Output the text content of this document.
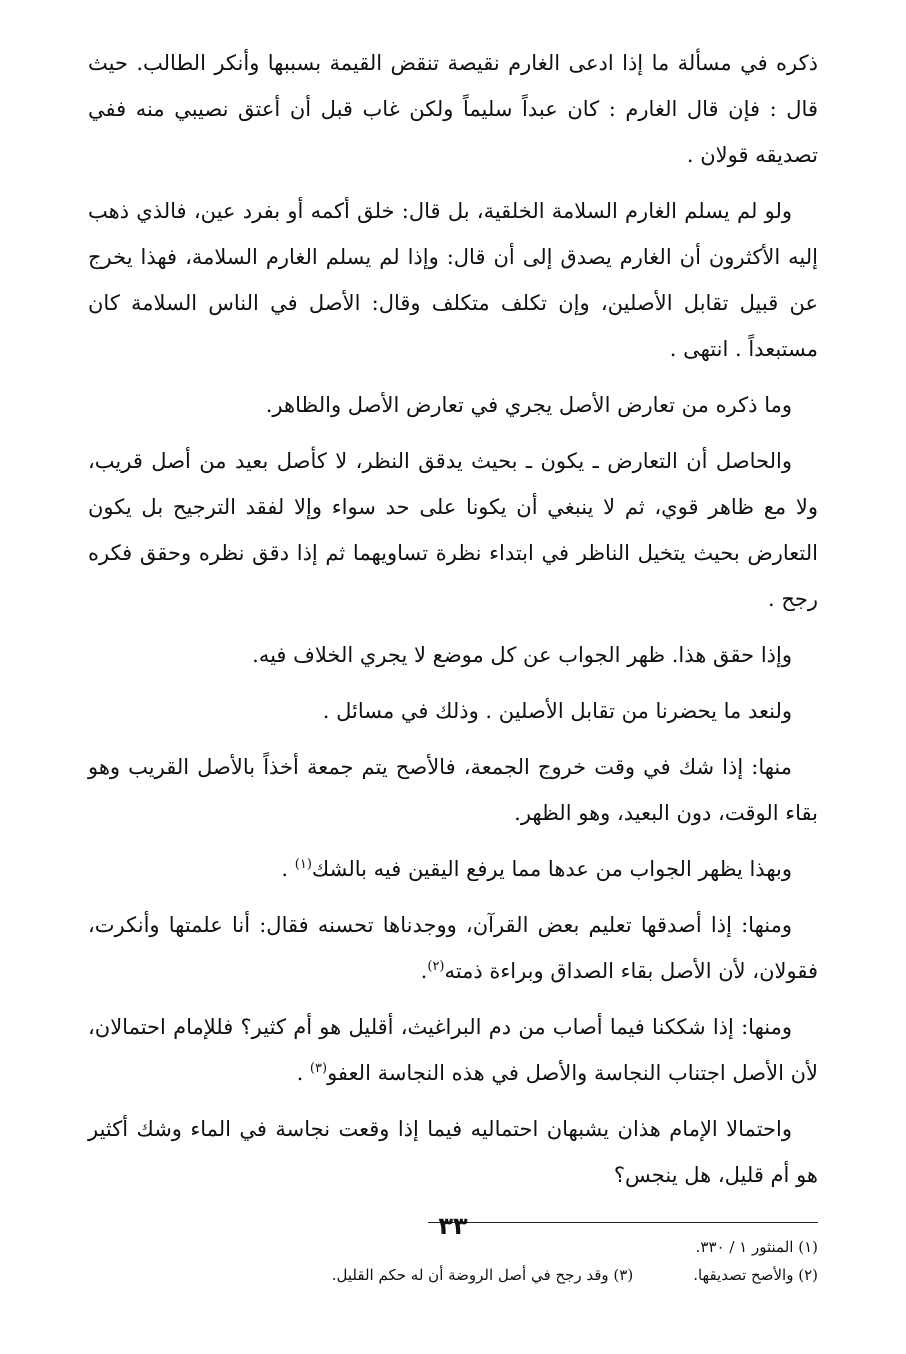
ذكره في مسألة ما إذا ادعى الغارم نقيصة تنقض القيمة بسببها وأنكر الطالب. حيث قال : فإن قال الغارم : كان عبداً سليماً ولكن غاب قبل أن أعتق نصيبي منه ففي تصديقه قولان .

ولو لم يسلم الغارم السلامة الخلقية، بل قال: خلق أكمه أو بفرد عين، فالذي ذهب إليه الأكثرون أن الغارم يصدق إلى أن قال: وإذا لم يسلم الغارم السلامة، فهذا يخرج عن قبيل تقابل الأصلين، وإن تكلف متكلف وقال: الأصل في الناس السلامة كان مستبعداً . انتهى .

وما ذكره من تعارض الأصل يجري في تعارض الأصل والظاهر.

والحاصل أن التعارض ـ يكون ـ بحيث يدقق النظر، لا كأصل بعيد من أصل قريب، ولا مع ظاهر قوي، ثم لا ينبغي أن يكونا على حد سواء وإلا لفقد الترجيح بل يكون التعارض بحيث يتخيل الناظر في ابتداء نظرة تساويهما ثم إذا دقق نظره وحقق فكره رجح .

وإذا حقق هذا. ظهر الجواب عن كل موضع لا يجري الخلاف فيه.

ولنعد ما يحضرنا من تقابل الأصلين . وذلك في مسائل .

منها: إذا شك في وقت خروج الجمعة، فالأصح يتم جمعة أخذاً بالأصل القريب وهو بقاء الوقت، دون البعيد، وهو الظهر.

وبهذا يظهر الجواب من عدها مما يرفع اليقين فيه بالشك$^{(١)}$ .

ومنها: إذا أصدقها تعليم بعض القرآن، ووجدناها تحسنه فقال: أنا علمتها وأنكرت، فقولان، لأن الأصل بقاء الصداق وبراءة ذمته$^{(٢)}$.

ومنها: إذا شككنا فيما أصاب من دم البراغيث، أقليل هو أم كثير؟ فللإمام احتمالان، لأن الأصل اجتناب النجاسة والأصل في هذه النجاسة العفو$^{(٣)}$ .

واحتمالا الإمام هذان يشبهان احتماليه فيما إذا وقعت نجاسة في الماء وشك أكثير هو أم قليل، هل ينجس؟

(١) المنثور ١ / ٣٣٠.
(٢) والأصح تصديقها.
(٣) وقد رجح في أصل الروضة أن له حكم القليل.
٣٣
